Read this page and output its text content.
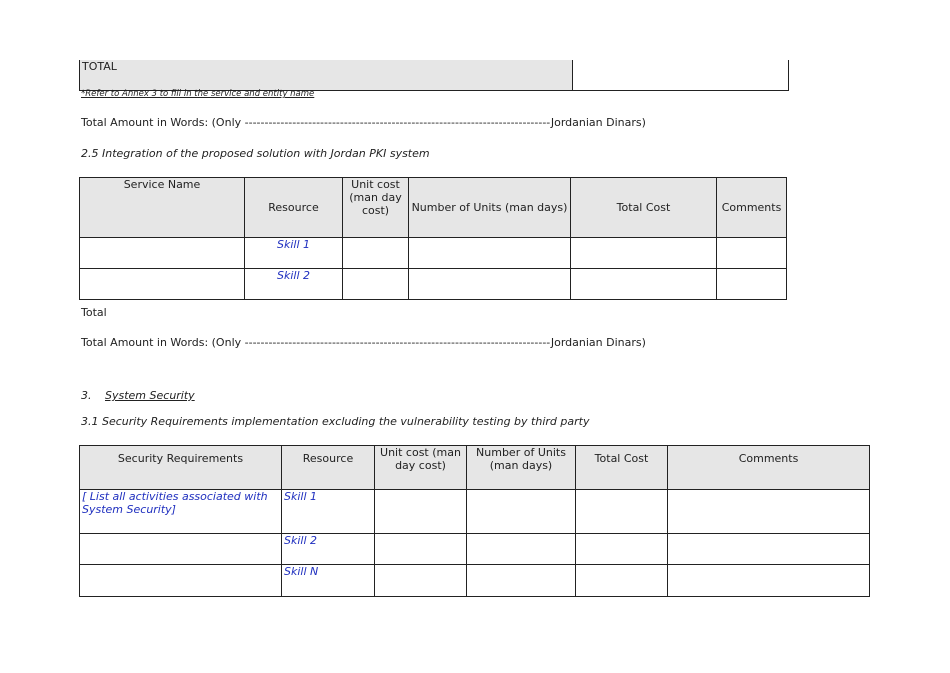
TOTAL	
*Refer to Annex 3 to fill in the service and entity name
Total Amount in Words: (Only -----------------------------------------------------------------------------Jordanian Dinars)
2.5 Integration of the proposed solution with Jordan PKI system
Service Name	Resource	Unit cost (man day cost)	Number of Units (man days)	Total Cost	Comments
	Skill 1				
	Skill 2				
Total
Total Amount in Words: (Only -----------------------------------------------------------------------------Jordanian Dinars)
3. System Security
3.1 Security Requirements implementation excluding the vulnerability testing by third party
Security Requirements	Resource	Unit cost (man day cost)	Number of Units (man days)	Total Cost	Comments
[ List all activities associated with System Security]	Skill 1				
	Skill 2				
	Skill N				
